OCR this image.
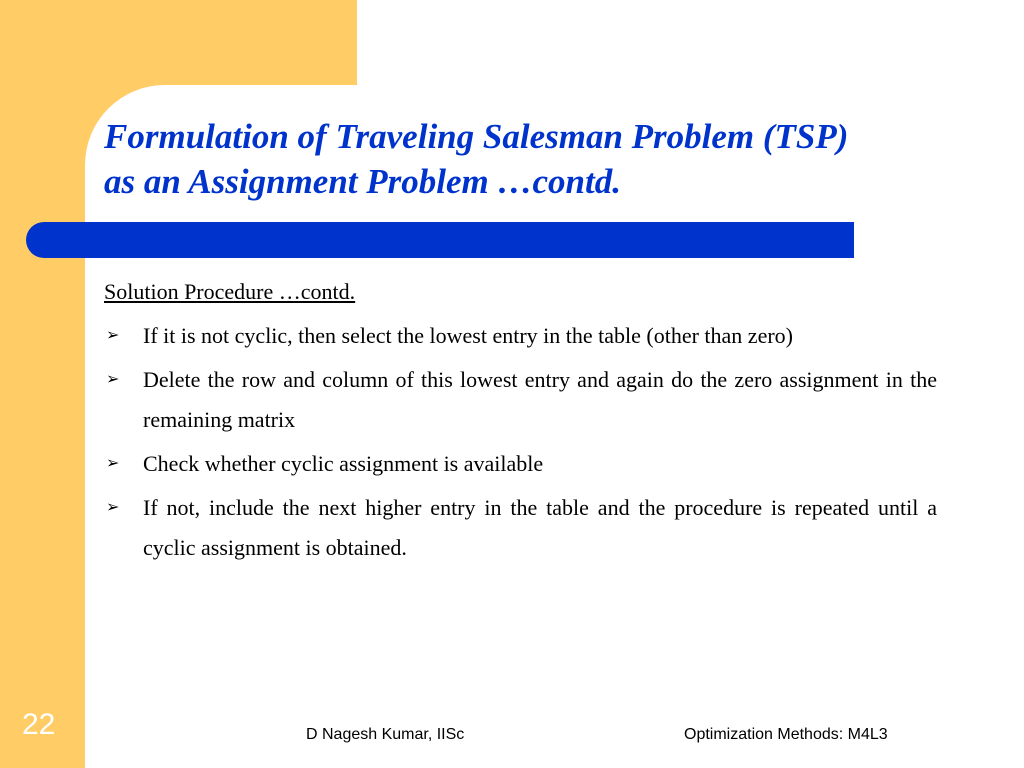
Formulation of Traveling Salesman Problem (TSP)
as an Assignment Problem …contd.
Solution Procedure …contd.
➢ If it is not cyclic, then select the lowest entry in the table (other than zero)
➢ Delete the row and column of this lowest entry and again do the zero assignment in the remaining matrix
➢ Check whether cyclic assignment is available
➢ If not, include the next higher entry in the table and the procedure is repeated until a cyclic assignment is obtained.
22	D Nagesh Kumar, IISc	Optimization Methods: M4L3
